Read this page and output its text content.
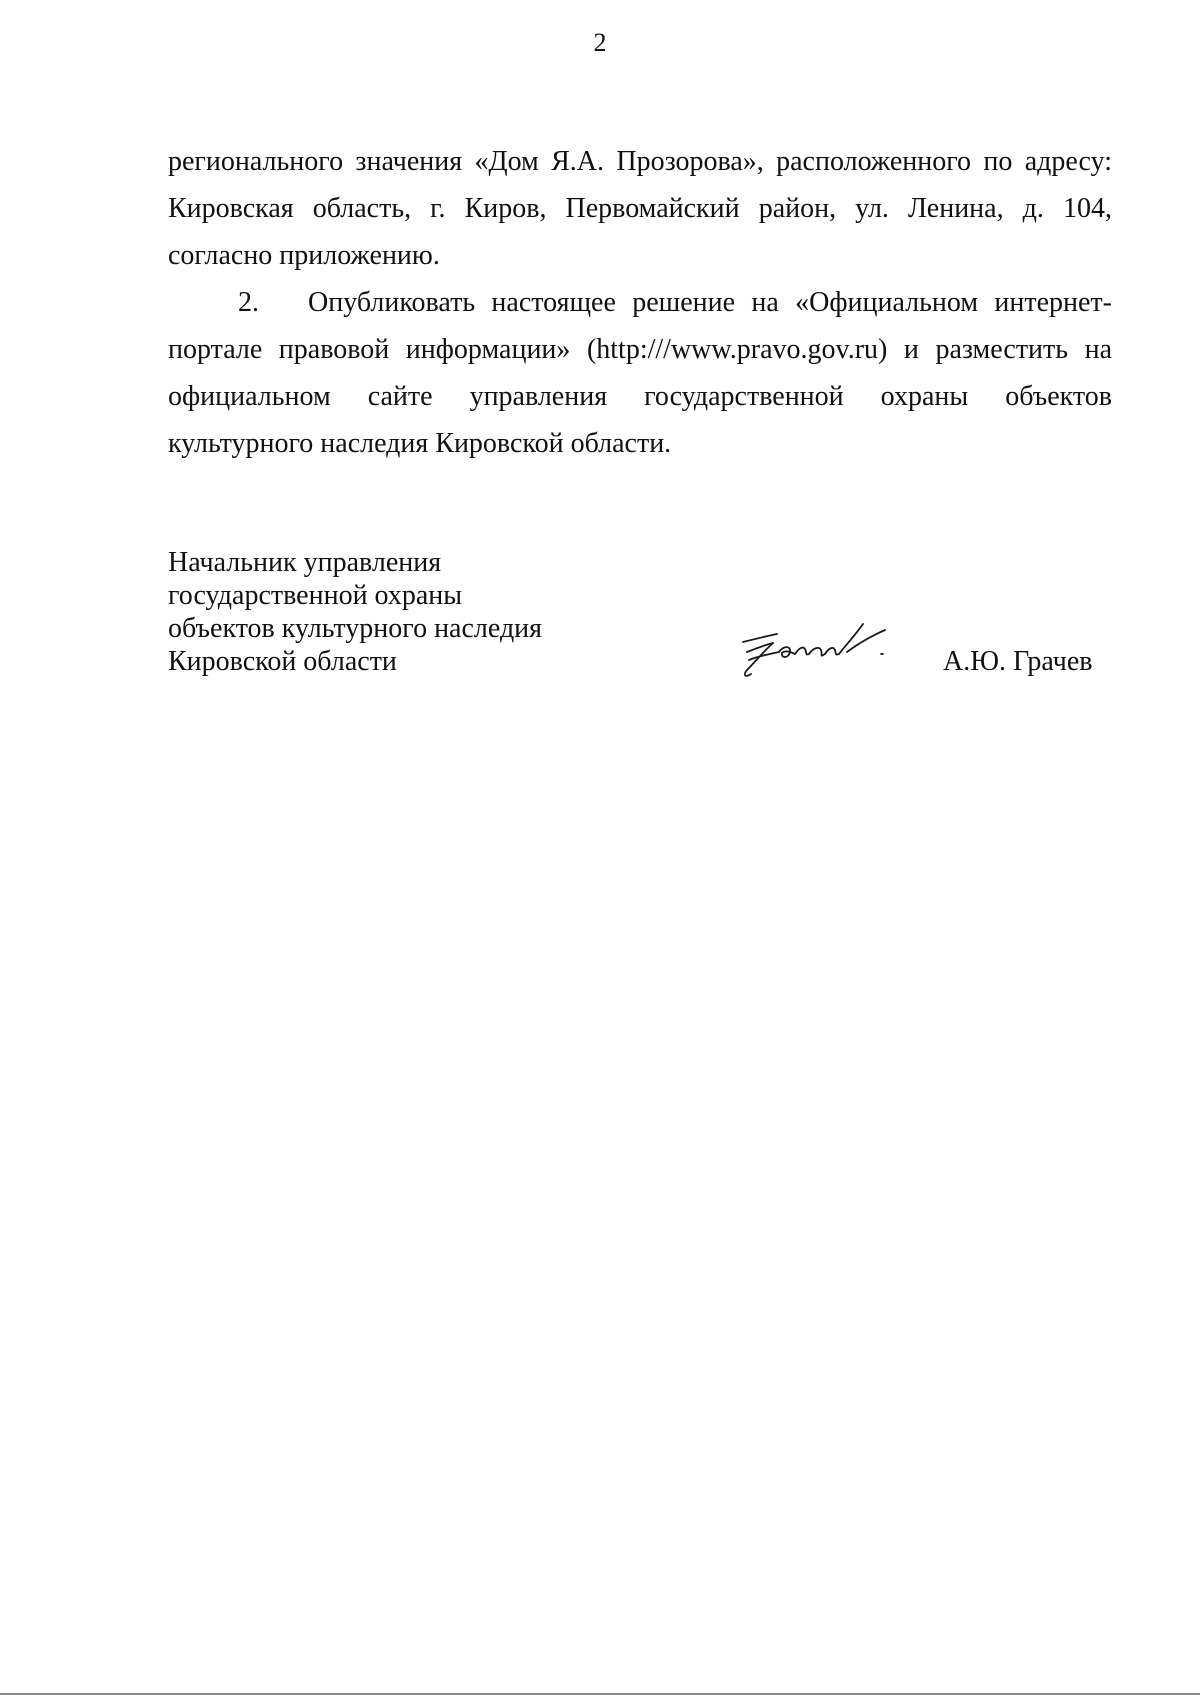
2

регионального значения «Дом Я.А. Прозорова», расположенного по адресу: Кировская область, г. Киров, Первомайский район, ул. Ленина, д. 104, согласно приложению.

2.   Опубликовать настоящее решение на «Официальном интернет-портале правовой информации» (http:///www.pravo.gov.ru) и разместить на официальном сайте управления государственной охраны объектов культурного наследия Кировской области.

Начальник управления
государственной охраны
объектов культурного наследия
Кировской области	А.Ю. Грачев
